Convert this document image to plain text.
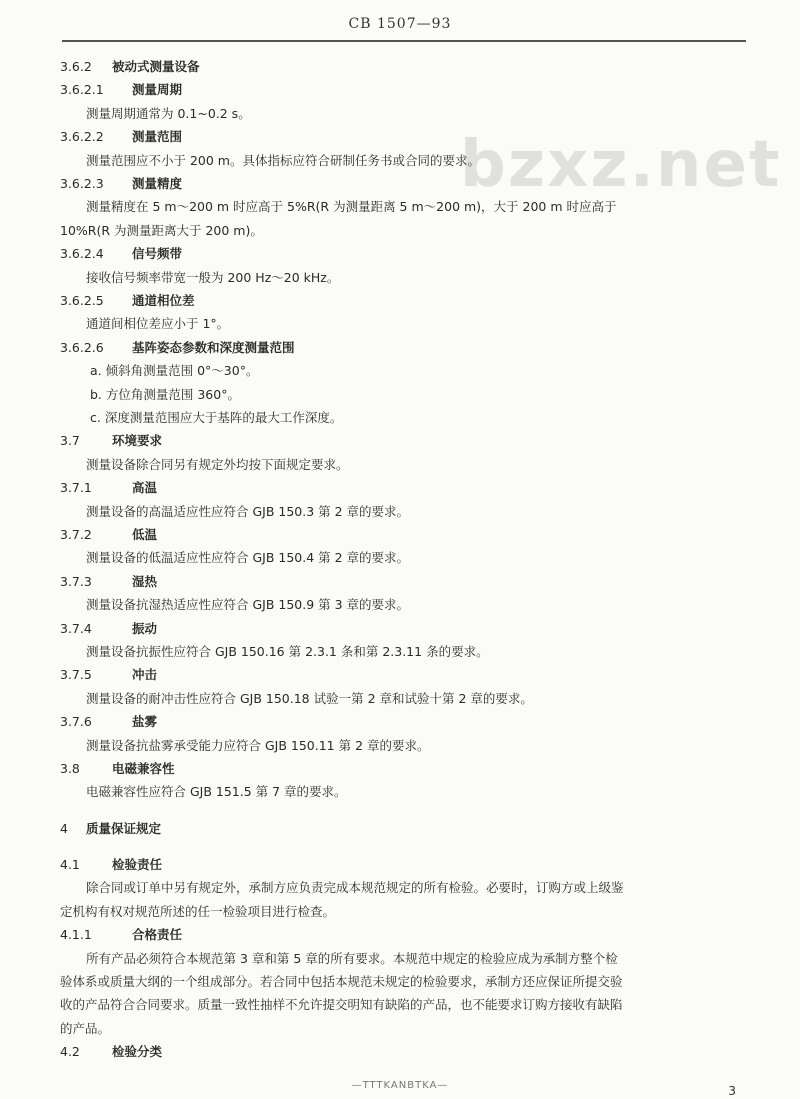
CB 1507—93
bzxz.net
3.6.2 被动式测量设备
3.6.2.1 测量周期
测量周期通常为 0.1~0.2 s。
3.6.2.2 测量范围
测量范围应不小于 200 m。具体指标应符合研制任务书或合同的要求。
3.6.2.3 测量精度
测量精度在 5 m～200 m 时应高于 5%R(R 为测量距离 5 m～200 m)，大于 200 m 时应高于
10%R(R 为测量距离大于 200 m)。
3.6.2.4 信号频带
接收信号频率带宽一般为 200 Hz～20 kHz。
3.6.2.5 通道相位差
通道间相位差应小于 1°。
3.6.2.6 基阵姿态参数和深度测量范围
a. 倾斜角测量范围 0°～30°。
b. 方位角测量范围 360°。
c. 深度测量范围应大于基阵的最大工作深度。
3.7	环境要求
测量设备除合同另有规定外均按下面规定要求。
3.7.1	高温
测量设备的高温适应性应符合 GJB 150.3 第 2 章的要求。
3.7.2	低温
测量设备的低温适应性应符合 GJB 150.4 第 2 章的要求。
3.7.3	湿热
测量设备抗湿热适应性应符合 GJB 150.9 第 3 章的要求。
3.7.4	振动
测量设备抗振性应符合 GJB 150.16 第 2.3.1 条和第 2.3.11 条的要求。
3.7.5	冲击
测量设备的耐冲击性应符合 GJB 150.18 试验一第 2 章和试验十第 2 章的要求。
3.7.6	盐雾
测量设备抗盐雾承受能力应符合 GJB 150.11 第 2 章的要求。
3.8	电磁兼容性
电磁兼容性应符合 GJB 151.5 第 7 章的要求。
4 质量保证规定
4.1	检验责任
除合同或订单中另有规定外，承制方应负责完成本规范规定的所有检验。必要时，订购方或上级鉴
定机构有权对规范所述的任一检验项目进行检查。
4.1.1	合格责任
所有产品必须符合本规范第 3 章和第 5 章的所有要求。本规范中规定的检验应成为承制方整个检
验体系或质量大纲的一个组成部分。若合同中包括本规范未规定的检验要求，承制方还应保证所提交验
收的产品符合合同要求。质量一致性抽样不允许提交明知有缺陷的产品，也不能要求订购方接收有缺陷
的产品。
4.2	检验分类
—TTTKANBTKA—	3
